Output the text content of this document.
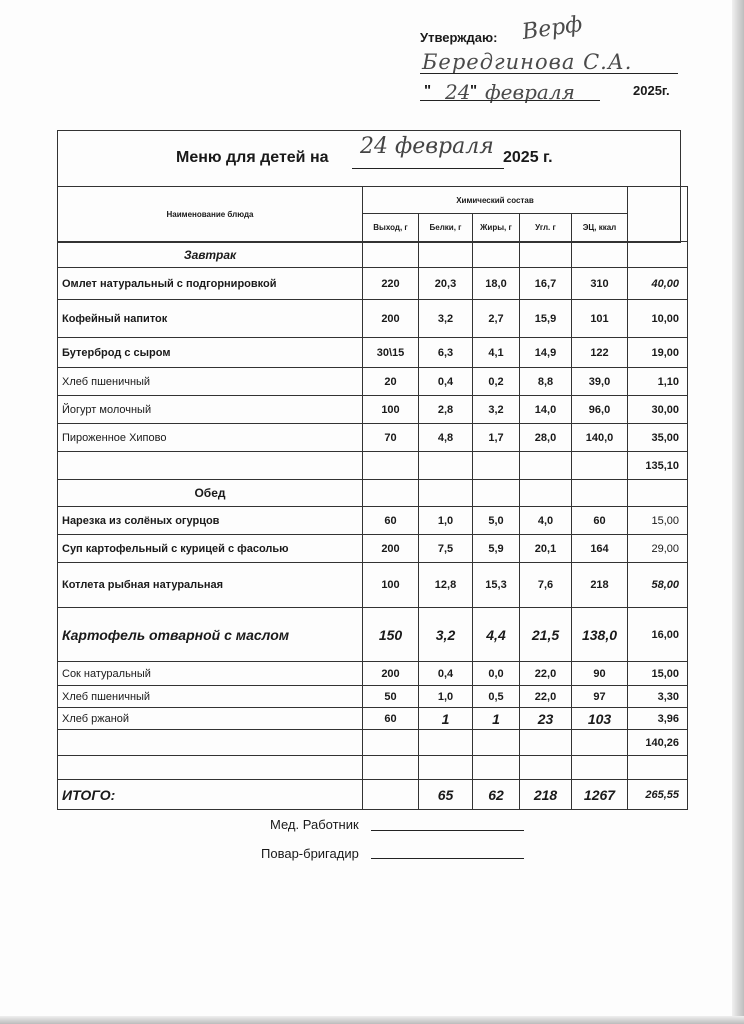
Утверждаю: Верф
Бередгинова С.А.
" 24 " февраля	2025г.
Меню для детей на 24 февраля 2025 г.
Наименование блюда	Химический состав					
	Выход, г	Белки, г	Жиры, г	Угл. г	ЭЦ, ккал	
Завтрак						
Омлет натуральный с подгорнировкой	220	20,3	18,0	16,7	310	40,00
Кофейный напиток	200	3,2	2,7	15,9	101	10,00
Бутерброд с сыром	30\15	6,3	4,1	14,9	122	19,00
Хлеб пшеничный	20	0,4	0,2	8,8	39,0	1,10
Йогурт молочный	100	2,8	3,2	14,0	96,0	30,00
Пироженное Хипово	70	4,8	1,7	28,0	140,0	35,00
						135,10
Обед						
Нарезка из солёных огурцов	60	1,0	5,0	4,0	60	15,00
Суп картофельный с курицей с фасолью	200	7,5	5,9	20,1	164	29,00
Котлета рыбная натуральная	100	12,8	15,3	7,6	218	58,00
Картофель отварной с маслом	150	3,2	4,4	21,5	138,0	16,00
Сок натуральный	200	0,4	0,0	22,0	90	15,00
Хлеб пшеничный	50	1,0	0,5	22,0	97	3,30
Хлеб ржаной	60	1	1	23	103	3,96
						140,26

ИТОГО:		65	62	218	1267	265,55
Мед. Работник
Повар-бригадир
